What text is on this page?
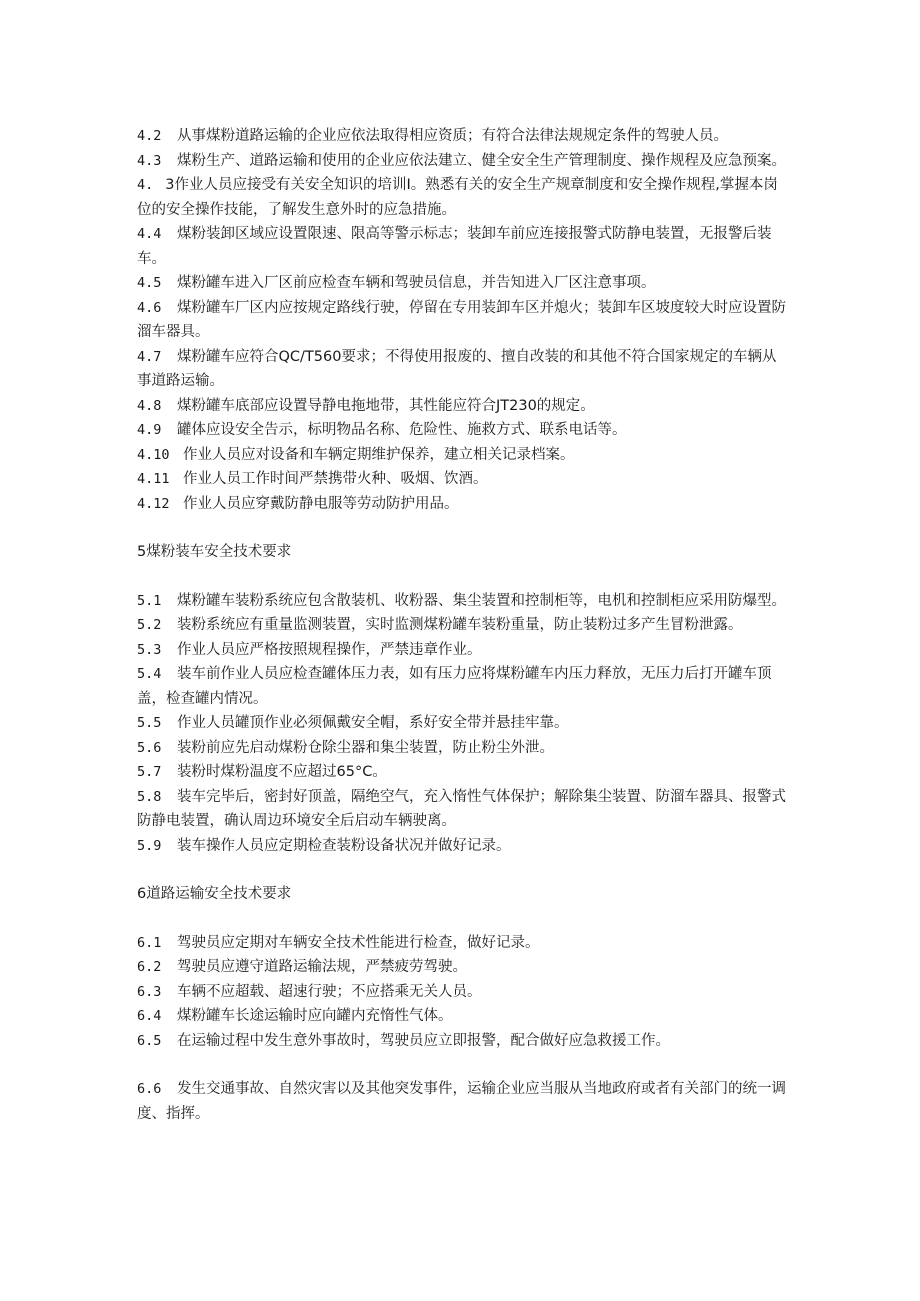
4.2 从事煤粉道路运输的企业应依法取得相应资质；有符合法律法规规定条件的驾驶人员。

4.3 煤粉生产、道路运输和使用的企业应依法建立、健全安全生产管理制度、操作规程及应急预案。

4. 3作业人员应接受有关安全知识的培训Ⅰ。熟悉有关的安全生产规章制度和安全操作规程,掌握本岗位的安全操作技能，了解发生意外时的应急措施。

4.4 煤粉装卸区域应设置限速、限高等警示标志；装卸车前应连接报警式防静电装置，无报警后装车。

4.5 煤粉罐车进入厂区前应检查车辆和驾驶员信息，并告知进入厂区注意事项。

4.6 煤粉罐车厂区内应按规定路线行驶，停留在专用装卸车区并熄火；装卸车区坡度较大时应设置防溜车器具。

4.7 煤粉罐车应符合QC/T560要求；不得使用报废的、擅自改装的和其他不符合国家规定的车辆从事道路运输。

4.8 煤粉罐车底部应设置导静电拖地带，其性能应符合JT230的规定。

4.9 罐体应设安全告示，标明物品名称、危险性、施救方式、联系电话等。

4.10 作业人员应对设备和车辆定期维护保养，建立相关记录档案。

4.11 作业人员工作时间严禁携带火种、吸烟、饮酒。

4.12 作业人员应穿戴防静电服等劳动防护用品。

5煤粉装车安全技术要求

5.1 煤粉罐车装粉系统应包含散装机、收粉器、集尘装置和控制柜等，电机和控制柜应采用防爆型。

5.2 装粉系统应有重量监测装置，实时监测煤粉罐车装粉重量，防止装粉过多产生冒粉泄露。

5.3 作业人员应严格按照规程操作，严禁违章作业。

5.4 装车前作业人员应检查罐体压力表，如有压力应将煤粉罐车内压力释放，无压力后打开罐车顶盖，检查罐内情况。

5.5 作业人员罐顶作业必须佩戴安全帽，系好安全带并悬挂牢靠。

5.6 装粉前应先启动煤粉仓除尘器和集尘装置，防止粉尘外泄。

5.7 装粉时煤粉温度不应超过65°C。

5.8 装车完毕后，密封好顶盖，隔绝空气，充入惰性气体保护；解除集尘装置、防溜车器具、报警式防静电装置，确认周边环境安全后启动车辆驶离。

5.9 装车操作人员应定期检查装粉设备状况并做好记录。

6道路运输安全技术要求

6.1 驾驶员应定期对车辆安全技术性能进行检查，做好记录。

6.2 驾驶员应遵守道路运输法规，严禁疲劳驾驶。

6.3 车辆不应超载、超速行驶；不应搭乘无关人员。

6.4 煤粉罐车长途运输时应向罐内充惰性气体。

6.5 在运输过程中发生意外事故时，驾驶员应立即报警，配合做好应急救援工作。

6.6 发生交通事故、自然灾害以及其他突发事件，运输企业应当服从当地政府或者有关部门的统一调度、指挥。
